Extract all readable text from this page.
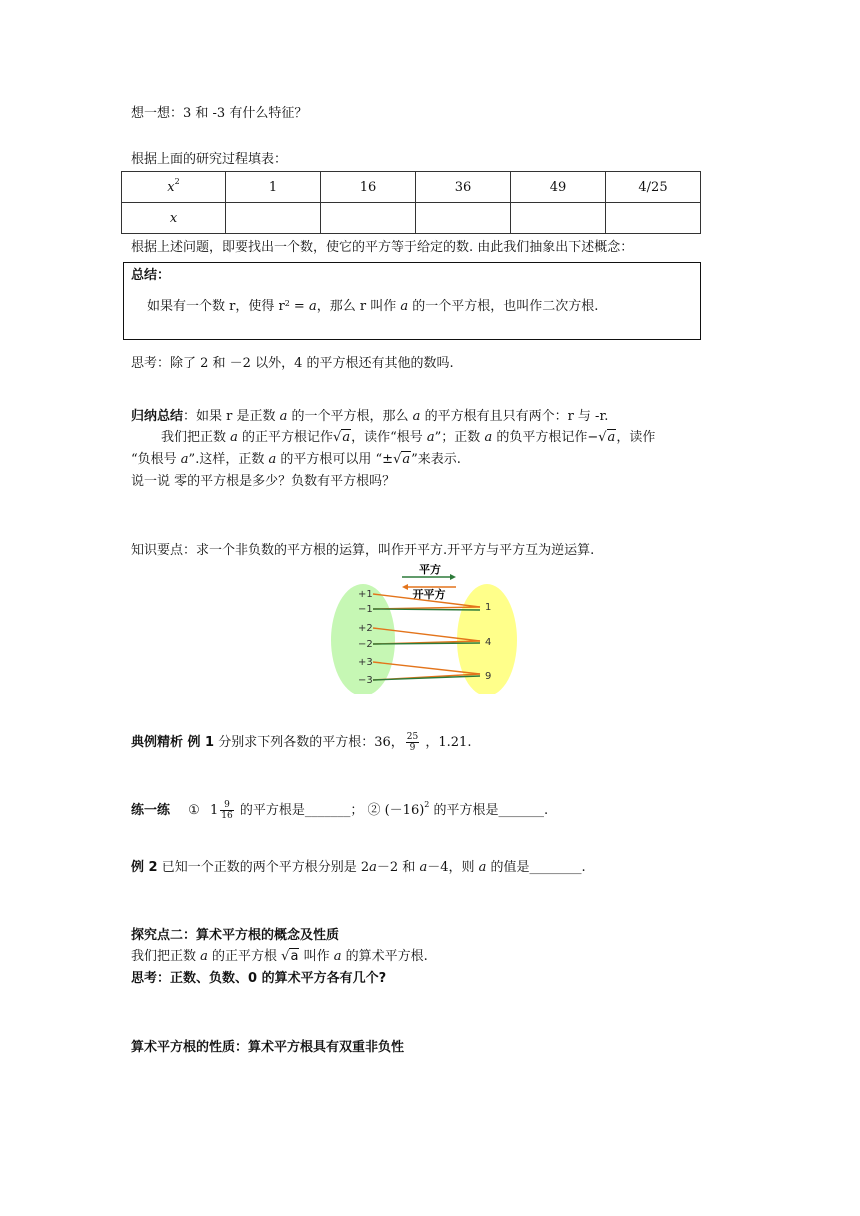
想一想：3 和 -3 有什么特征？
根据上面的研究过程填表：
$x^2$	1	16	36	49	4/25
x					
根据上述问题，即要找出一个数，使它的平方等于给定的数. 由此我们抽象出下述概念：
总结：
如果有一个数 r，使得 $r^2 = a$，那么 r 叫作 a 的一个平方根，也叫作二次方根.
思考：除了 2 和 －2 以外，4 的平方根还有其他的数吗.
归纳总结：如果 r 是正数 a 的一个平方根，那么 a 的平方根有且只有两个：r 与 -r.
我们把正数 a 的正平方根记作√a，读作“根号 a”；正数 a 的负平方根记作−√a，读作
“负根号 a”.这样，正数 a 的平方根可以用 “±√a”来表示.
说一说 零的平方根是多少？负数有平方根吗？
知识要点：求一个非负数的平方根的运算，叫作开平方.开平方与平方互为逆运算.
平方
开平方
+1
−1
+2
−2
+3
−3
1
4
9
典例精析 例 1 分别求下列各数的平方根：36， $\frac{25}{9}$ ，1.21.
练一练 ① $1 \frac{9}{16}$ 的平方根是_______； ② $(-16)^2$ 的平方根是_______.
例 2 已知一个正数的两个平方根分别是 2a－2 和 a－4，则 a 的值是________.
探究点二：算术平方根的概念及性质
我们把正数 a 的正平方根 √a 叫作 a 的算术平方根.
思考：正数、负数、0 的算术平方各有几个?
算术平方根的性质：算术平方根具有双重非负性
